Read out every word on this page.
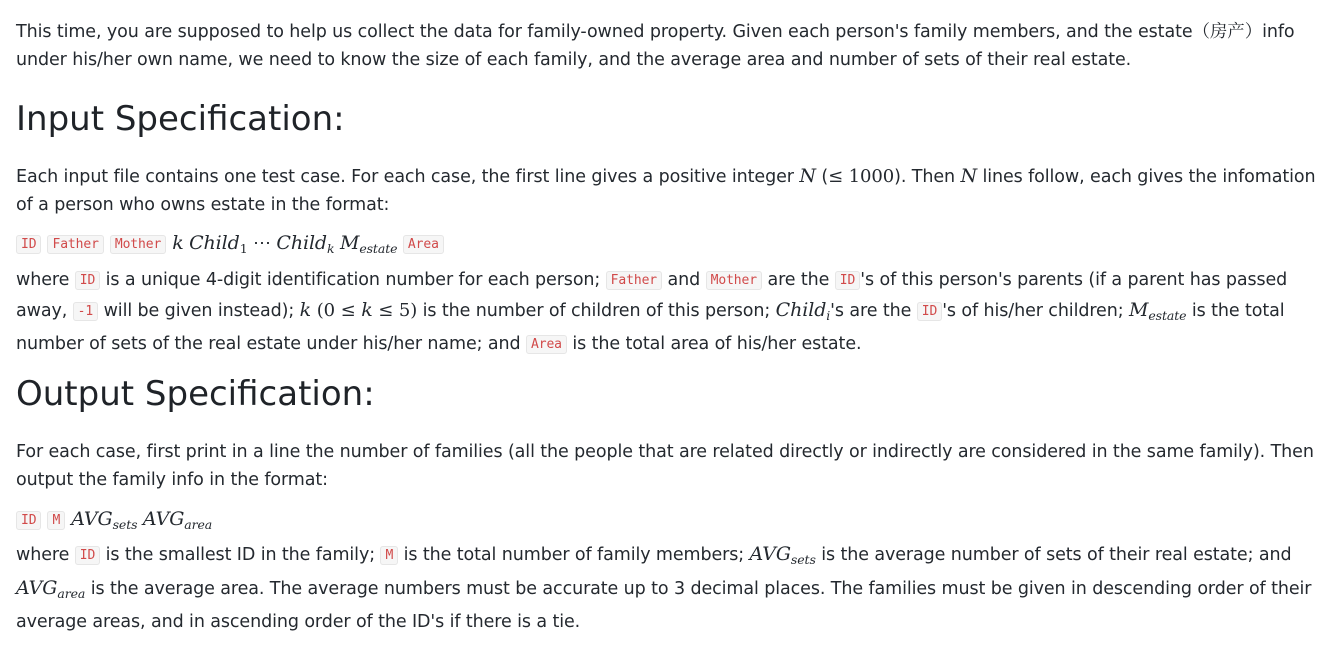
This time, you are supposed to help us collect the data for family-owned property. Given each person's family members, and the estate（房产）info under his/her own name, we need to know the size of each family, and the average area and number of sets of their real estate.

Input Specification:

Each input file contains one test case. For each case, the first line gives a positive integer N (≤ 1000). Then N lines follow, each gives the infomation of a person who owns estate in the format:

ID Father Mother k Child$_1$ ⋯ Child$_k$ $M_{estate}$ Area

where ID is a unique 4-digit identification number for each person; Father and Mother are the ID 's of this person's parents (if a parent has passed away, -1 will be given instead); k (0 ≤ k ≤ 5) is the number of children of this person; Child$_i$'s are the ID 's of his/her children; $M_{estate}$ is the total number of sets of the real estate under his/her name; and Area is the total area of his/her estate.

Output Specification:

For each case, first print in a line the number of families (all the people that are related directly or indirectly are considered in the same family). Then output the family info in the format:

ID M $AVG_{sets}$ $AVG_{area}$

where ID is the smallest ID in the family; M is the total number of family members; $AVG_{sets}$ is the average number of sets of their real estate; and $AVG_{area}$ is the average area. The average numbers must be accurate up to 3 decimal places. The families must be given in descending order of their average areas, and in ascending order of the ID's if there is a tie.
